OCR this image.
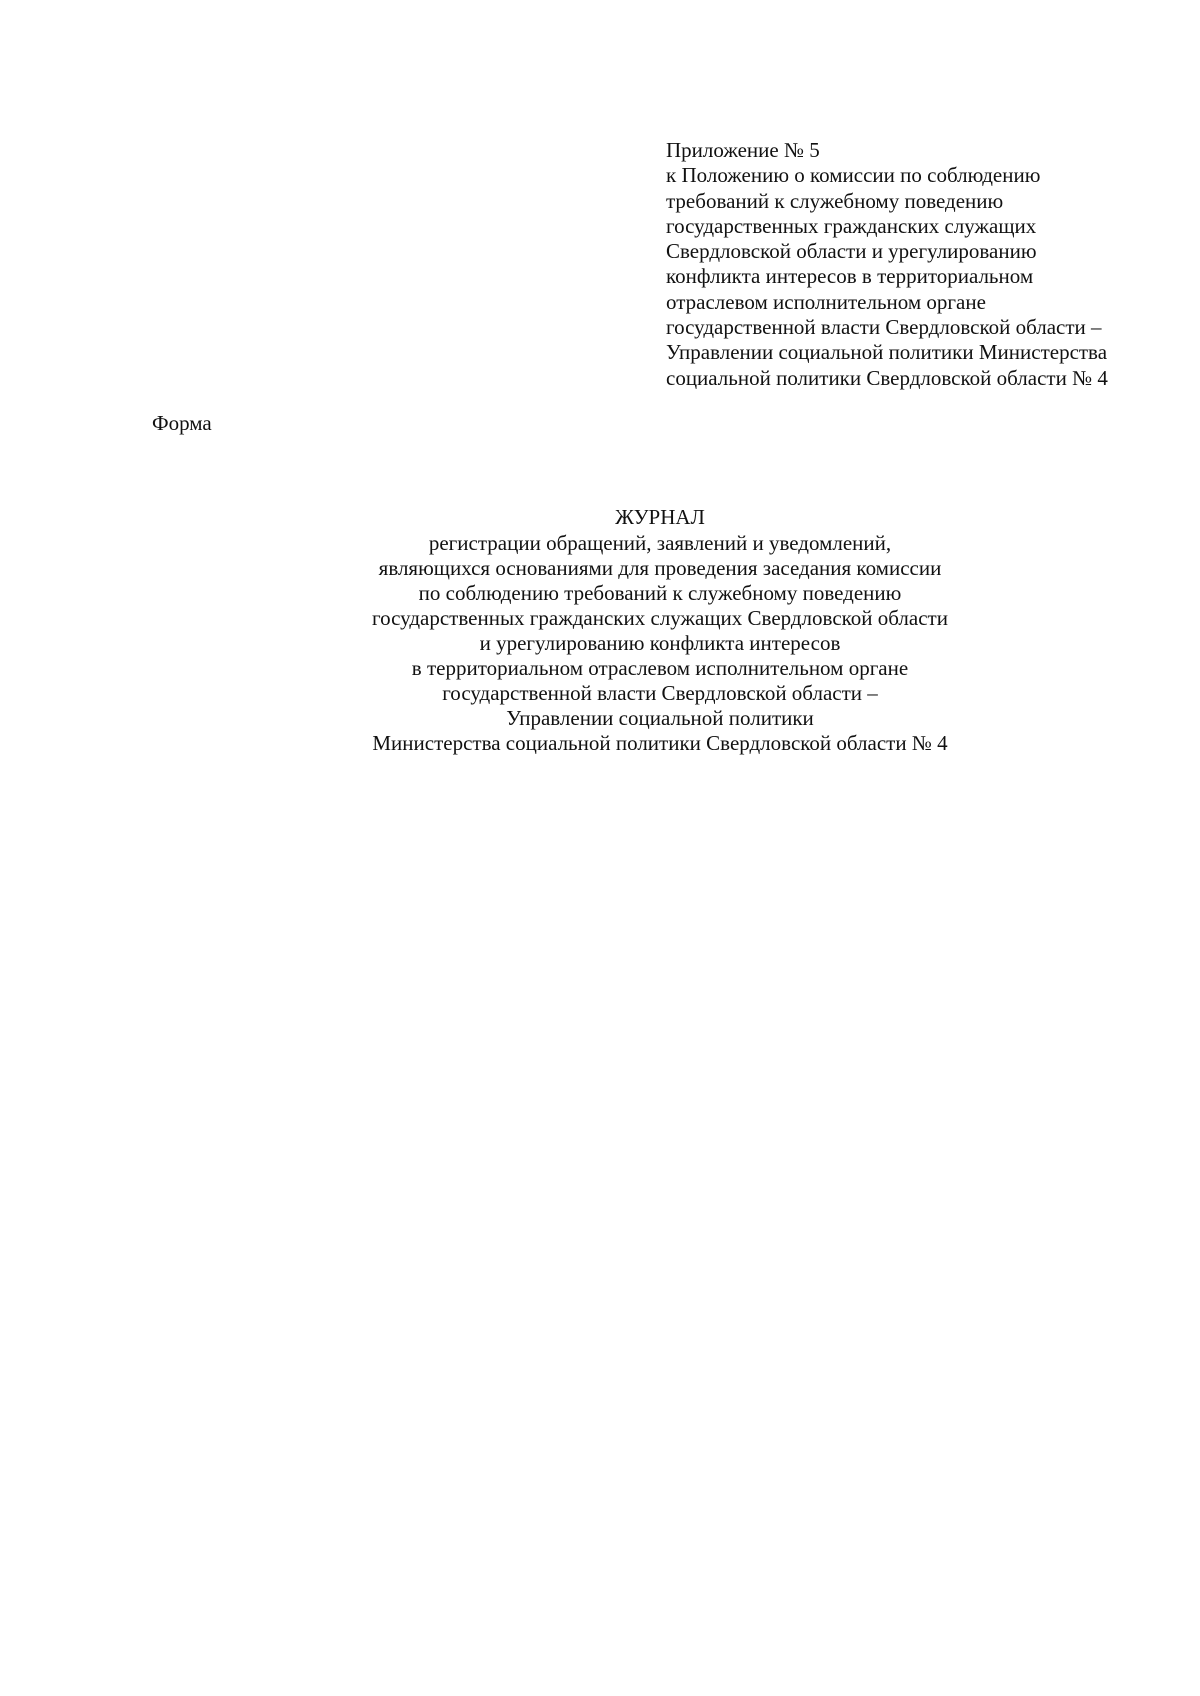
Приложение № 5
к Положению о комиссии по соблюдению
требований к служебному поведению
государственных гражданских служащих
Свердловской области и урегулированию
конфликта интересов в территориальном
отраслевом исполнительном органе
государственной власти Свердловской области –
Управлении социальной политики Министерства
социальной политики Свердловской области № 4
Форма
ЖУРНАЛ
регистрации обращений, заявлений и уведомлений,
являющихся основаниями для проведения заседания комиссии
по соблюдению требований к служебному поведению
государственных гражданских служащих Свердловской области
и урегулированию конфликта интересов
в территориальном отраслевом исполнительном органе
государственной власти Свердловской области –
Управлении социальной политики
Министерства социальной политики Свердловской области № 4
